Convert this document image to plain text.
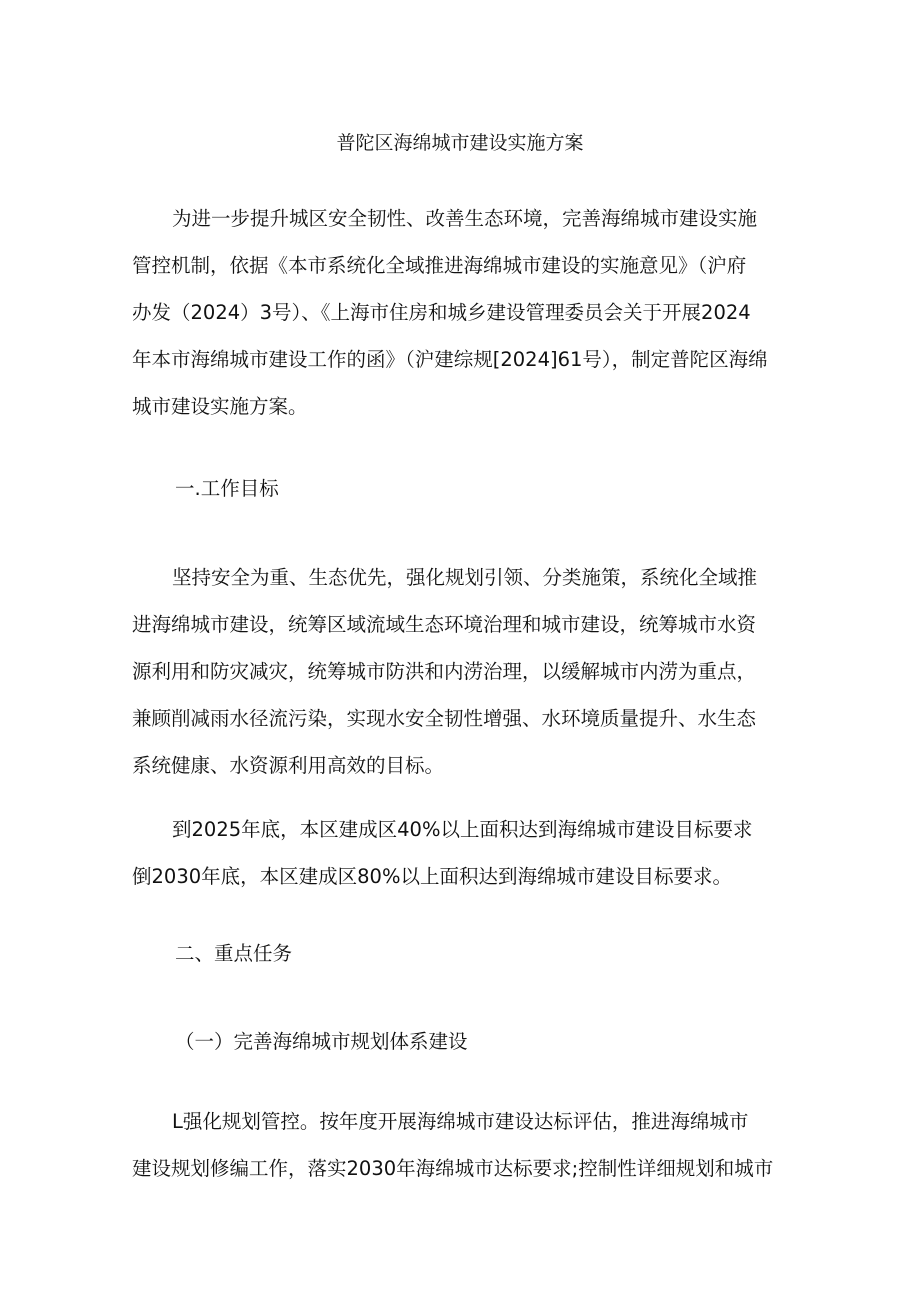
普陀区海绵城市建设实施方案
为进一步提升城区安全韧性、改善生态环境，完善海绵城市建设实施
管控机制，依据《本市系统化全域推进海绵城市建设的实施意见》（沪府
办发（2024）3号）、《上海市住房和城乡建设管理委员会关于开展2024
年本市海绵城市建设工作的函》（沪建综规[2024]61号），制定普陀区海绵
城市建设实施方案。
一.工作目标
坚持安全为重、生态优先，强化规划引领、分类施策，系统化全域推
进海绵城市建设，统筹区域流域生态环境治理和城市建设，统筹城市水资
源利用和防灾减灾，统筹城市防洪和内涝治理，以缓解城市内涝为重点，
兼顾削减雨水径流污染，实现水安全韧性增强、水环境质量提升、水生态
系统健康、水资源利用高效的目标。
到2025年底，本区建成区40%以上面积达到海绵城市建设目标要求
倒2030年底，本区建成区80%以上面积达到海绵城市建设目标要求。
二、重点任务
（一）完善海绵城市规划体系建设
L强化规划管控。按年度开展海绵城市建设达标评估，推进海绵城市
建设规划修编工作，落实2030年海绵城市达标要求;控制性详细规划和城市
